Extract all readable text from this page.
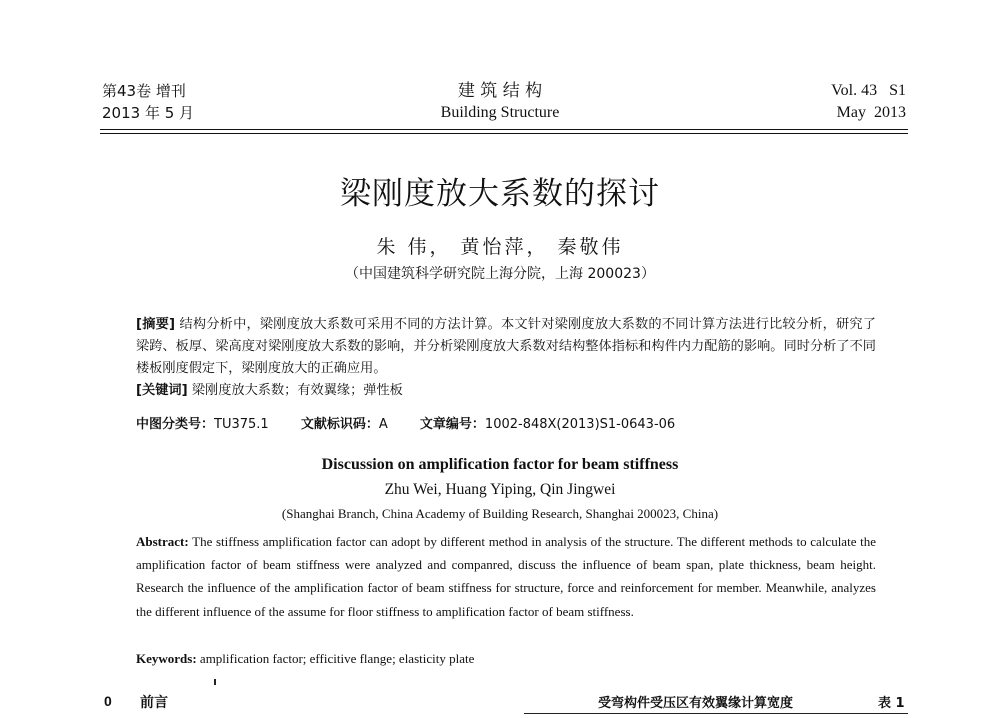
第43卷 增刊
2013 年 5 月
建 筑 结 构
Building Structure
Vol. 43   S1
May  2013
梁刚度放大系数的探讨
朱 伟， 黄怡萍， 秦敬伟
（中国建筑科学研究院上海分院，上海 200023）
[摘要] 结构分析中，梁刚度放大系数可采用不同的方法计算。本文针对梁刚度放大系数的不同计算方法进行比较分析，研究了梁跨、板厚、梁高度对梁刚度放大系数的影响，并分析梁刚度放大系数对结构整体指标和构件内力配筋的影响。同时分析了不同楼板刚度假定下，梁刚度放大的正确应用。
[关键词] 梁刚度放大系数；有效翼缘；弹性板
中图分类号：TU375.1 文献标识码：A 文章编号：1002-848X(2013)S1-0643-06
Discussion on amplification factor for beam stiffness
Zhu Wei, Huang Yiping, Qin Jingwei
(Shanghai Branch, China Academy of Building Research, Shanghai 200023, China)
Abstract: The stiffness amplification factor can adopt by different method in analysis of the structure. The different methods to calculate the amplification factor of beam stiffness were analyzed and companred, discuss the influence of beam span, plate thickness, beam height. Research the influence of the amplification factor of beam stiffness for structure, force and reinforcement for member. Meanwhile, analyzes the different influence of the assume for floor stiffness to amplification factor of beam stiffness.
Keywords: amplification factor; efficitive flange; elasticity plate
0 前言	受弯构件受压区有效翼缘计算宽度	表 1
